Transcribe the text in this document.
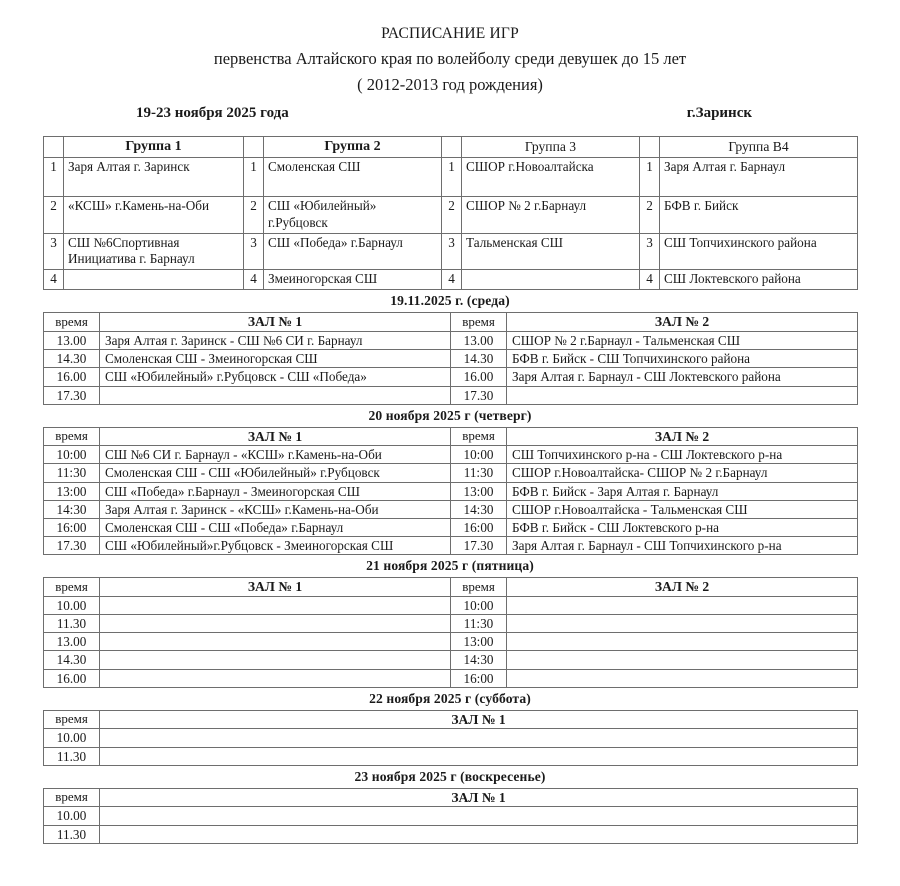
РАСПИСАНИЕ ИГР
первенства Алтайского края по волейболу среди девушек до 15 лет
( 2012-2013 год рождения)
19-23 ноября 2025 года	г.Заринск
	Группа 1		Группа 2		Группа 3		Группа В4
1	Заря Алтая г. Заринск	1	Смоленская СШ	1	СШОР г.Новоалтайска	1	Заря Алтая г. Барнаул
2	«КСШ» г.Камень-на-Оби	2	СШ «Юбилейный» г.Рубцовск	2	СШОР № 2 г.Барнаул	2	БФВ г. Бийск
3	СШ №6Спортивная Инициатива г. Барнаул	3	СШ «Победа» г.Барнаул	3	Тальменская СШ	3	СШ Топчихинского района
4		4	Змеиногорская СШ	4		4	СШ Локтевского района
19.11.2025 г. (среда)
время	ЗАЛ № 1	время	ЗАЛ № 2
13.00	Заря Алтая г. Заринск - СШ №6 СИ г. Барнаул	13.00	СШОР № 2 г.Барнаул - Тальменская СШ
14.30	Смоленская СШ - Змеиногорская СШ	14.30	БФВ г. Бийск - СШ Топчихинского района
16.00	СШ «Юбилейный» г.Рубцовск - СШ «Победа»	16.00	Заря Алтая г. Барнаул - СШ Локтевского района
17.30		17.30	
20 ноября 2025 г (четверг)
время	ЗАЛ № 1	время	ЗАЛ № 2
10:00	СШ №6 СИ г. Барнаул - «КСШ» г.Камень-на-Оби	10:00	СШ Топчихинского р-на - СШ Локтевского р-на
11:30	Смоленская СШ - СШ «Юбилейный» г.Рубцовск	11:30	СШОР г.Новоалтайска- СШОР № 2 г.Барнаул
13:00	СШ «Победа» г.Барнаул - Змеиногорская СШ	13:00	БФВ г. Бийск - Заря Алтая г. Барнаул
14:30	Заря Алтая г. Заринск - «КСШ» г.Камень-на-Оби	14:30	СШОР г.Новоалтайска - Тальменская СШ
16:00	Смоленская СШ - СШ «Победа» г.Барнаул	16:00	БФВ г. Бийск - СШ Локтевского р-на
17.30	СШ «Юбилейный»г.Рубцовск - Змеиногорская СШ	17.30	Заря Алтая г. Барнаул - СШ Топчихинского р-на
21 ноября 2025 г (пятница)
время	ЗАЛ № 1	время	ЗАЛ № 2
10.00		10:00	
11.30		11:30	
13.00		13:00	
14.30		14:30	
16.00		16:00	
22 ноября 2025 г (суббота)
время	ЗАЛ № 1
10.00	
11.30	
23 ноября 2025 г (воскресенье)
время	ЗАЛ № 1
10.00	
11.30	
